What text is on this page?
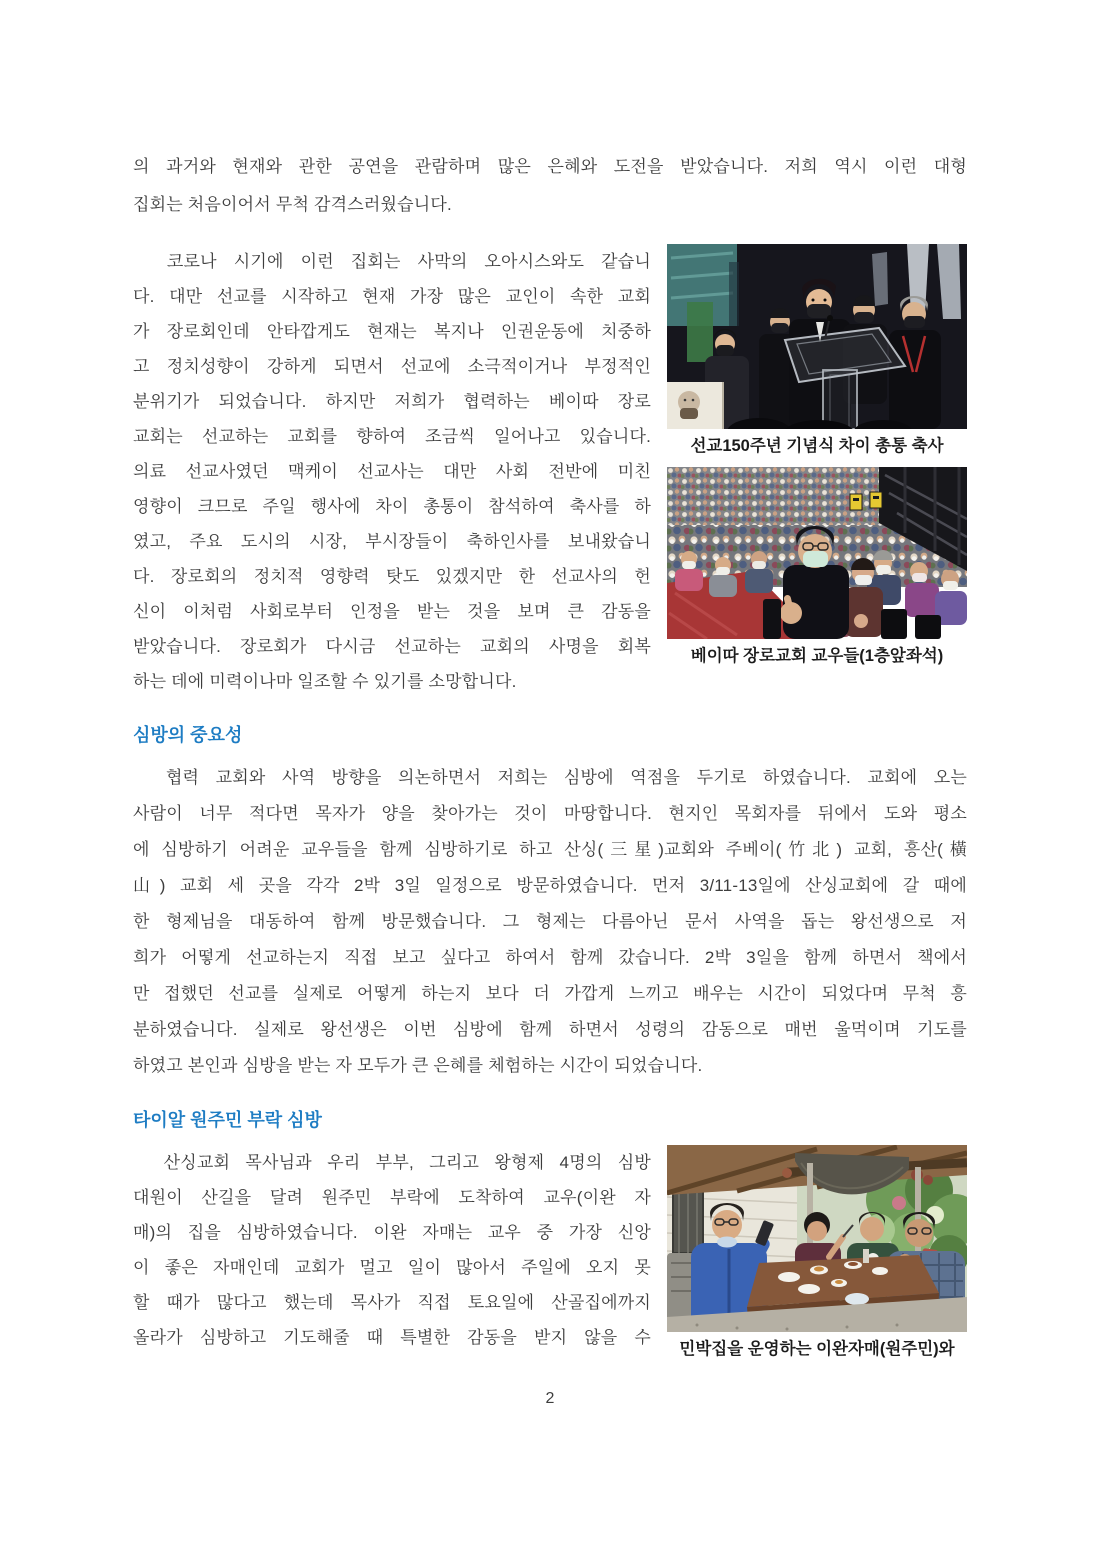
의 과거와 현재와 관한 공연을 관람하며 많은 은혜와 도전을 받았습니다. 저희 역시 이런 대형
집회는 처음이어서 무척 감격스러웠습니다.
코로나 시기에 이런 집회는 사막의 오아시스와도 같습니
다. 대만 선교를 시작하고 현재 가장 많은 교인이 속한 교회
가 장로회인데 안타깝게도 현재는 복지나 인권운동에 치중하
고 정치성향이 강하게 되면서 선교에 소극적이거나 부정적인
분위기가 되었습니다. 하지만 저희가 협력하는 베이따 장로
교회는 선교하는 교회를 향하여 조금씩 일어나고 있습니다.
의료 선교사였던 맥케이 선교사는 대만 사회 전반에 미친
영향이 크므로 주일 행사에 차이 총통이 참석하여 축사를 하
였고, 주요 도시의 시장, 부시장들이 축하인사를 보내왔습니
다. 장로회의 정치적 영향력 탓도 있겠지만 한 선교사의 헌
신이 이처럼 사회로부터 인정을 받는 것을 보며 큰 감동을
받았습니다. 장로회가 다시금 선교하는 교회의 사명을 회복
하는 데에 미력이나마 일조할 수 있기를 소망합니다.
선교150주년 기념식 차이 총통 축사
베이따 장로교회 교우들(1층앞좌석)
심방의 중요성
협력 교회와 사역 방향을 의논하면서 저희는 심방에 역점을 두기로 하였습니다. 교회에 오는
사람이 너무 적다면 목자가 양을 찾아가는 것이 마땅합니다. 현지인 목회자를 뒤에서 도와 평소
에 심방하기 어려운 교우들을 함께 심방하기로 하고 산싱(三星)교회와 주베이(竹北) 교회, 흥산(橫
山) 교회 세 곳을 각각 2박 3일 일정으로 방문하였습니다. 먼저 3/11-13일에 산싱교회에 갈 때에
한 형제님을 대동하여 함께 방문했습니다. 그 형제는 다름아닌 문서 사역을 돕는 왕선생으로 저
희가 어떻게 선교하는지 직접 보고 싶다고 하여서 함께 갔습니다. 2박 3일을 함께 하면서 책에서
만 접했던 선교를 실제로 어떻게 하는지 보다 더 가깝게 느끼고 배우는 시간이 되었다며 무척 흥
분하였습니다. 실제로 왕선생은 이번 심방에 함께 하면서 성령의 감동으로 매번 울먹이며 기도를
하였고 본인과 심방을 받는 자 모두가 큰 은혜를 체험하는 시간이 되었습니다.
타이알 원주민 부락 심방
산싱교회 목사님과 우리 부부, 그리고 왕형제 4명의 심방
대원이 산길을 달려 원주민 부락에 도착하여 교우(이완 자
매)의 집을 심방하였습니다. 이완 자매는 교우 중 가장 신앙
이 좋은 자매인데 교회가 멀고 일이 많아서 주일에 오지 못
할 때가 많다고 했는데 목사가 직접 토요일에 산골집에까지
올라가 심방하고 기도해줄 때 특별한 감동을 받지 않을 수
민박집을 운영하는 이완자매(원주민)와
2
